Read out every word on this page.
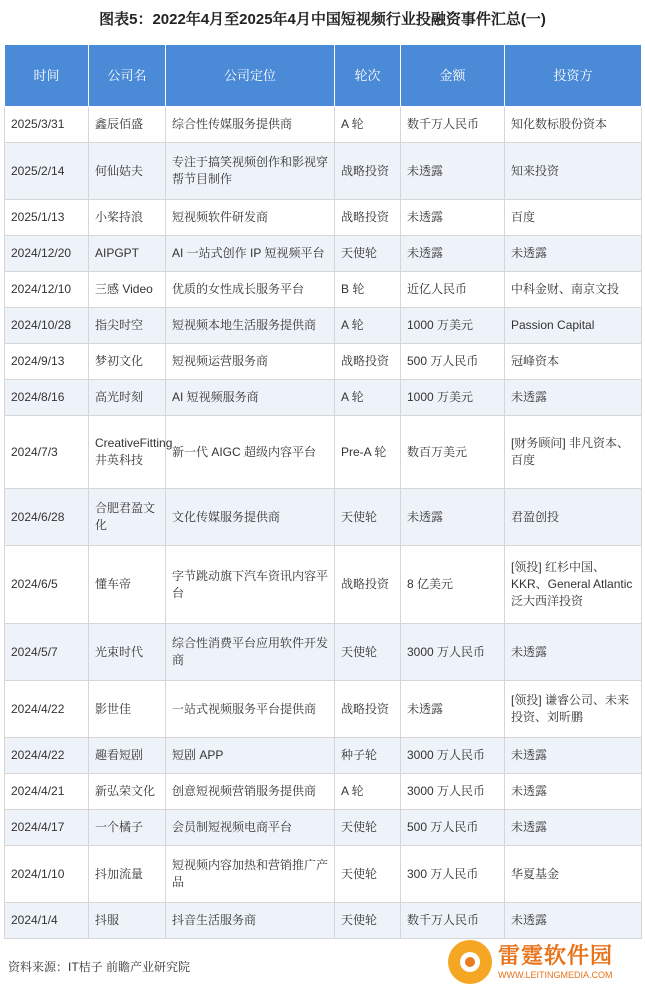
图表5：2022年4月至2025年4月中国短视频行业投融资事件汇总(一)
时间	公司名	公司定位	轮次	金额	投资方
2025/3/31	鑫辰佰盛	综合性传媒服务提供商	A 轮	数千万人民币	知化数标股份资本
2025/2/14	何仙姑夫	专注于搞笑视频创作和影视穿帮节目制作	战略投资	未透露	知来投资
2025/1/13	小桨持浪	短视频软件研发商	战略投资	未透露	百度
2024/12/20	AIPGPT	AI 一站式创作 IP 短视频平台	天使轮	未透露	未透露
2024/12/10	三感 Video	优质的女性成长服务平台	B 轮	近亿人民币	中科金财、南京文投
2024/10/28	指尖时空	短视频本地生活服务提供商	A 轮	1000 万美元	Passion Capital
2024/9/13	梦初文化	短视频运营服务商	战略投资	500 万人民币	冠峰资本
2024/8/16	高光时刻	AI 短视频服务商	A 轮	1000 万美元	未透露
2024/7/3	CreativeFitting 井英科技	新一代 AIGC 超级内容平台	Pre-A 轮	数百万美元	[财务顾问] 非凡资本、百度
2024/6/28	合肥君盈文化	文化传媒服务提供商	天使轮	未透露	君盈创投
2024/6/5	懂车帝	字节跳动旗下汽车资讯内容平台	战略投资	8 亿美元	[领投] 红杉中国、KKR、General Atlantic 泛大西洋投资
2024/5/7	光束时代	综合性消费平台应用软件开发商	天使轮	3000 万人民币	未透露
2024/4/22	影世佳	一站式视频服务平台提供商	战略投资	未透露	[领投] 谦睿公司、未来投资、刘昕鹏
2024/4/22	趣看短剧	短剧 APP	种子轮	3000 万人民币	未透露
2024/4/21	新弘荣文化	创意短视频营销服务提供商	A 轮	3000 万人民币	未透露
2024/4/17	一个橘子	会员制短视频电商平台	天使轮	500 万人民币	未透露
2024/1/10	抖加流量	短视频内容加热和营销推广产品	天使轮	300 万人民币	华夏基金
2024/1/4	抖服	抖音生活服务商	天使轮	数千万人民币	未透露
资料来源：IT桔子 前瞻产业研究院	雷霆软件园
WWW.LEITINGMEDIA.COM
